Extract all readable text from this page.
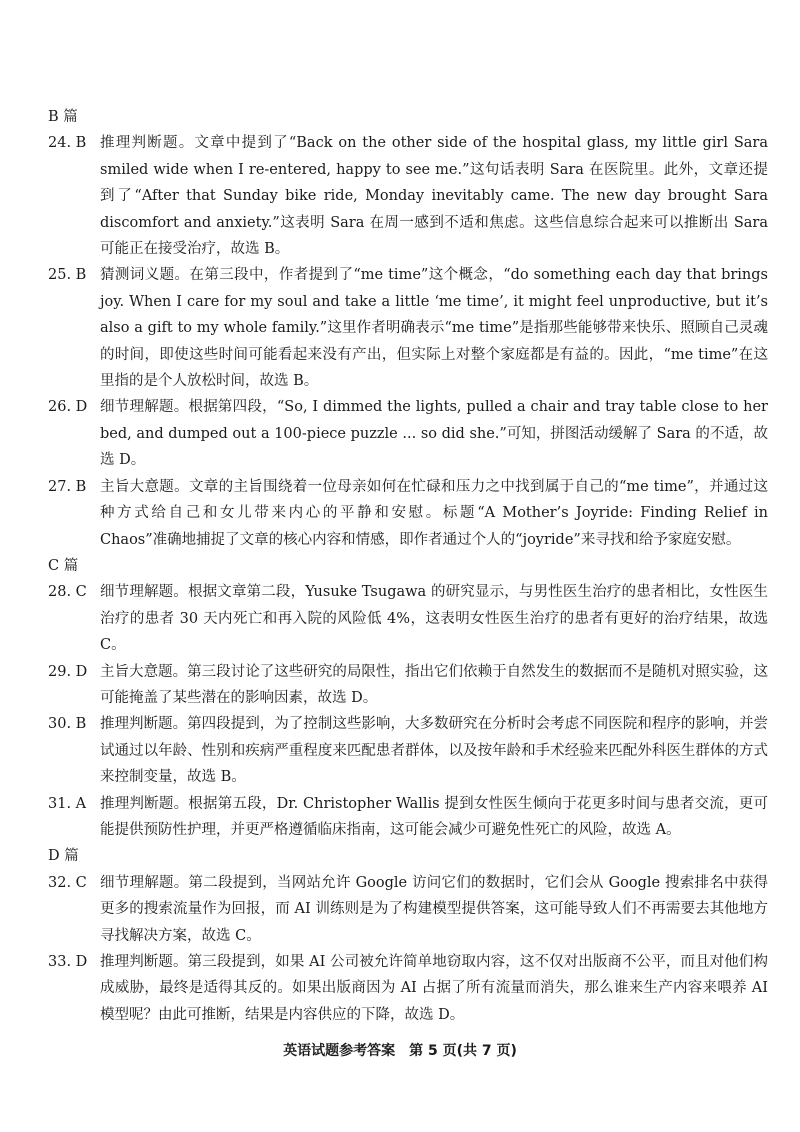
B 篇
24. B 推理判断题。文章中提到了“Back on the other side of the hospital glass, my little girl Sara smiled wide when I re-entered, happy to see me.”这句话表明 Sara 在医院里。此外，文章还提到了“After that Sunday bike ride, Monday inevitably came. The new day brought Sara discomfort and anxiety.”这表明 Sara 在周一感到不适和焦虑。这些信息综合起来可以推断出 Sara 可能正在接受治疗，故选 B。

25. B 猜测词义题。在第三段中，作者提到了“me time”这个概念，“do something each day that brings joy. When I care for my soul and take a little ‘me time’, it might feel unproductive, but it’s also a gift to my whole family.”这里作者明确表示“me time”是指那些能够带来快乐、照顾自己灵魂的时间，即使这些时间可能看起来没有产出，但实际上对整个家庭都是有益的。因此，“me time”在这里指的是个人放松时间，故选 B。

26. D 细节理解题。根据第四段，“So, I dimmed the lights, pulled a chair and tray table close to her bed, and dumped out a 100-piece puzzle ... so did she.”可知，拼图活动缓解了 Sara 的不适，故选 D。

27. B 主旨大意题。文章的主旨围绕着一位母亲如何在忙碌和压力之中找到属于自己的“me time”，并通过这种方式给自己和女儿带来内心的平静和安慰。标题“A Mother’s Joyride: Finding Relief in Chaos”准确地捕捉了文章的核心内容和情感，即作者通过个人的“joyride”来寻找和给予家庭安慰。

C 篇
28. C 细节理解题。根据文章第二段，Yusuke Tsugawa 的研究显示，与男性医生治疗的患者相比，女性医生治疗的患者 30 天内死亡和再入院的风险低 4%，这表明女性医生治疗的患者有更好的治疗结果，故选 C。

29. D 主旨大意题。第三段讨论了这些研究的局限性，指出它们依赖于自然发生的数据而不是随机对照实验，这可能掩盖了某些潜在的影响因素，故选 D。

30. B 推理判断题。第四段提到，为了控制这些影响，大多数研究在分析时会考虑不同医院和程序的影响，并尝试通过以年龄、性别和疾病严重程度来匹配患者群体，以及按年龄和手术经验来匹配外科医生群体的方式来控制变量，故选 B。

31. A 推理判断题。根据第五段，Dr. Christopher Wallis 提到女性医生倾向于花更多时间与患者交流，更可能提供预防性护理，并更严格遵循临床指南，这可能会减少可避免性死亡的风险，故选 A。

D 篇
32. C 细节理解题。第二段提到，当网站允许 Google 访问它们的数据时，它们会从 Google 搜索排名中获得更多的搜索流量作为回报，而 AI 训练则是为了构建模型提供答案，这可能导致人们不再需要去其他地方寻找解决方案，故选 C。

33. D 推理判断题。第三段提到，如果 AI 公司被允许简单地窃取内容，这不仅对出版商不公平，而且对他们构成威胁，最终是适得其反的。如果出版商因为 AI 占据了所有流量而消失，那么谁来生产内容来喂养 AI 模型呢？由此可推断，结果是内容供应的下降，故选 D。

英语试题参考答案　第 5 页(共 7 页)
